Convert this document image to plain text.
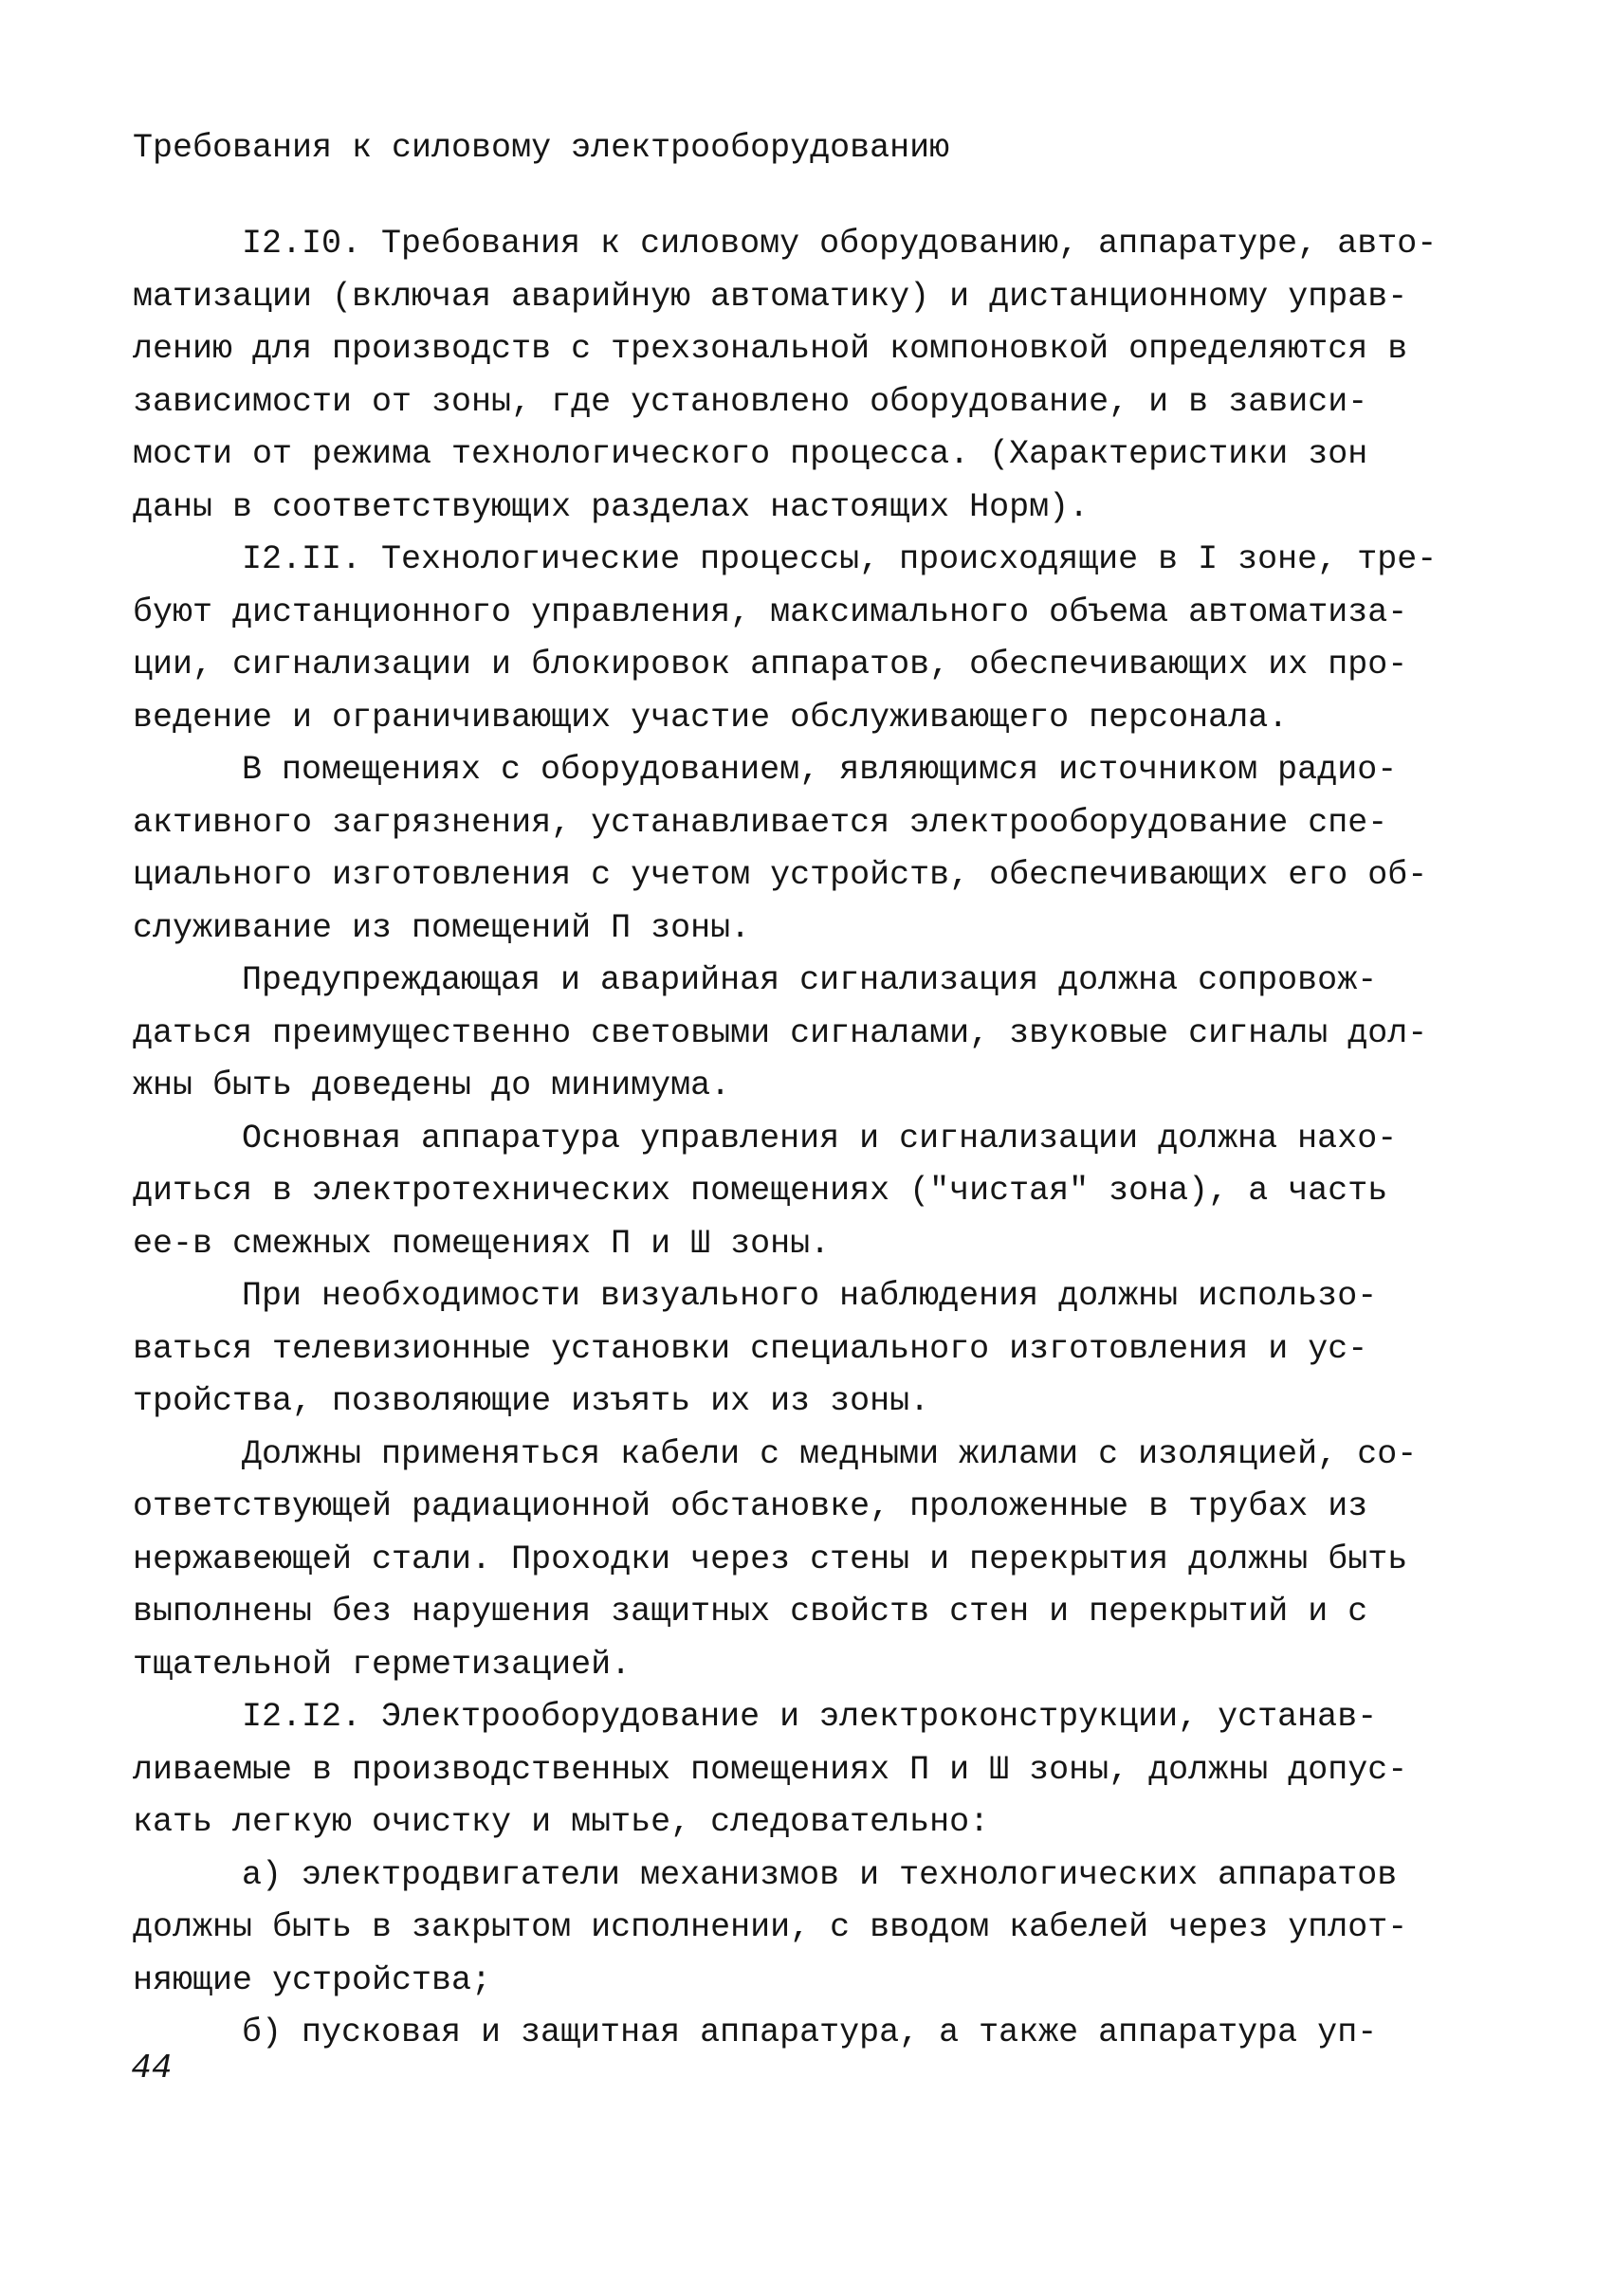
Требования к силовому электрооборудованию

I2.I0. Требования к силовому оборудованию, аппаратуре, авто-
матизации (включая аварийную автоматику) и дистанционному управ-
лению для производств с трехзональной компоновкой определяются в
зависимости от зоны, где установлено оборудование, и в зависи-
мости от режима технологического процесса. (Характеристики зон
даны в соответствующих разделах настоящих Норм).

I2.II. Технологические процессы, происходящие в I зоне, тре-
буют дистанционного управления, максимального объема автоматиза-
ции, сигнализации и блокировок аппаратов, обеспечивающих их про-
ведение и ограничивающих участие обслуживающего персонала.

В помещениях с оборудованием, являющимся источником радио-
активного загрязнения, устанавливается электрооборудование спе-
циального изготовления с учетом устройств, обеспечивающих его об-
служивание из помещений П зоны.

Предупреждающая и аварийная сигнализация должна сопровож-
даться преимущественно световыми сигналами, звуковые сигналы дол-
жны быть доведены до минимума.

Основная аппаратура управления и сигнализации должна нахо-
диться в электротехнических помещениях ("чистая" зона), а часть
ее-в смежных помещениях П и Ш зоны.

При необходимости визуального наблюдения должны использо-
ваться телевизионные установки специального изготовления и ус-
тройства, позволяющие изъять их из зоны.

Должны применяться кабели с медными жилами с изоляцией, со-
ответствующей радиационной обстановке, проложенные в трубах из
нержавеющей стали. Проходки через стены и перекрытия должны быть
выполнены без нарушения защитных свойств стен и перекрытий и с
тщательной герметизацией.

I2.I2. Электрооборудование и электроконструкции, устанав-
ливаемые в производственных помещениях П и Ш зоны, должны допус-
кать легкую очистку и мытье, следовательно:

а) электродвигатели механизмов и технологических аппаратов
должны быть в закрытом исполнении, с вводом кабелей через уплот-
няющие устройства;

б) пусковая и защитная аппаратура, а также аппаратура уп-

44
